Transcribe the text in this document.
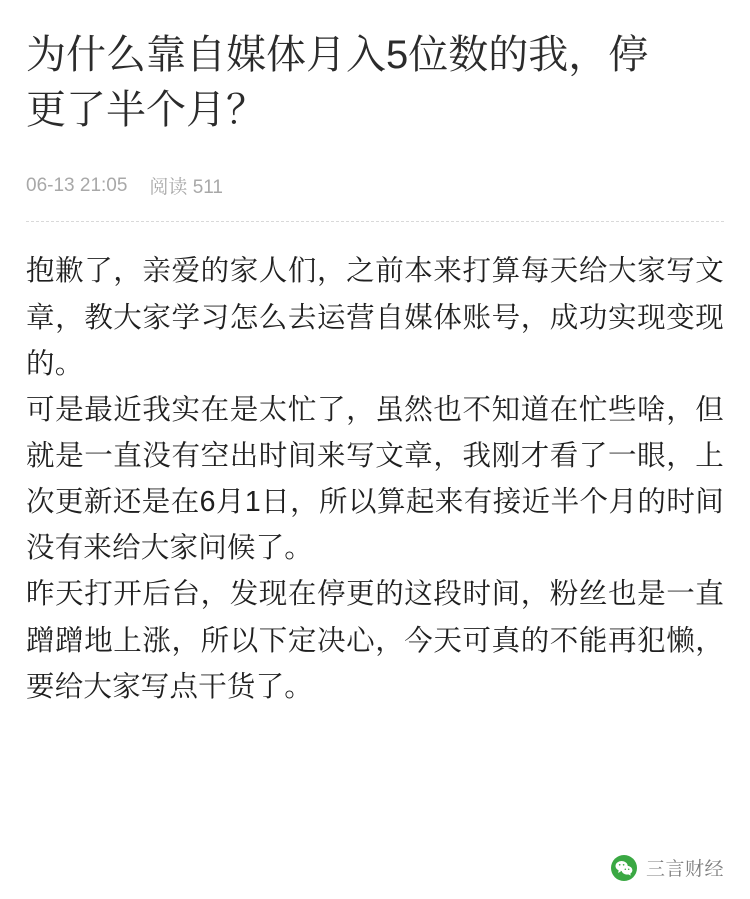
为什么靠自媒体月入5位数的我，停更了半个月？
06-13 21:05 阅读 511

抱歉了，亲爱的家人们，之前本来打算每天给大家写文章，教大家学习怎么去运营自媒体账号，成功实现变现的。

可是最近我实在是太忙了，虽然也不知道在忙些啥，但就是一直没有空出时间来写文章，我刚才看了一眼，上次更新还是在6月1日，所以算起来有接近半个月的时间没有来给大家问候了。

昨天打开后台，发现在停更的这段时间，粉丝也是一直蹭蹭地上涨，所以下定决心，今天可真的不能再犯懒，要给大家写点干货了。

三言财经
